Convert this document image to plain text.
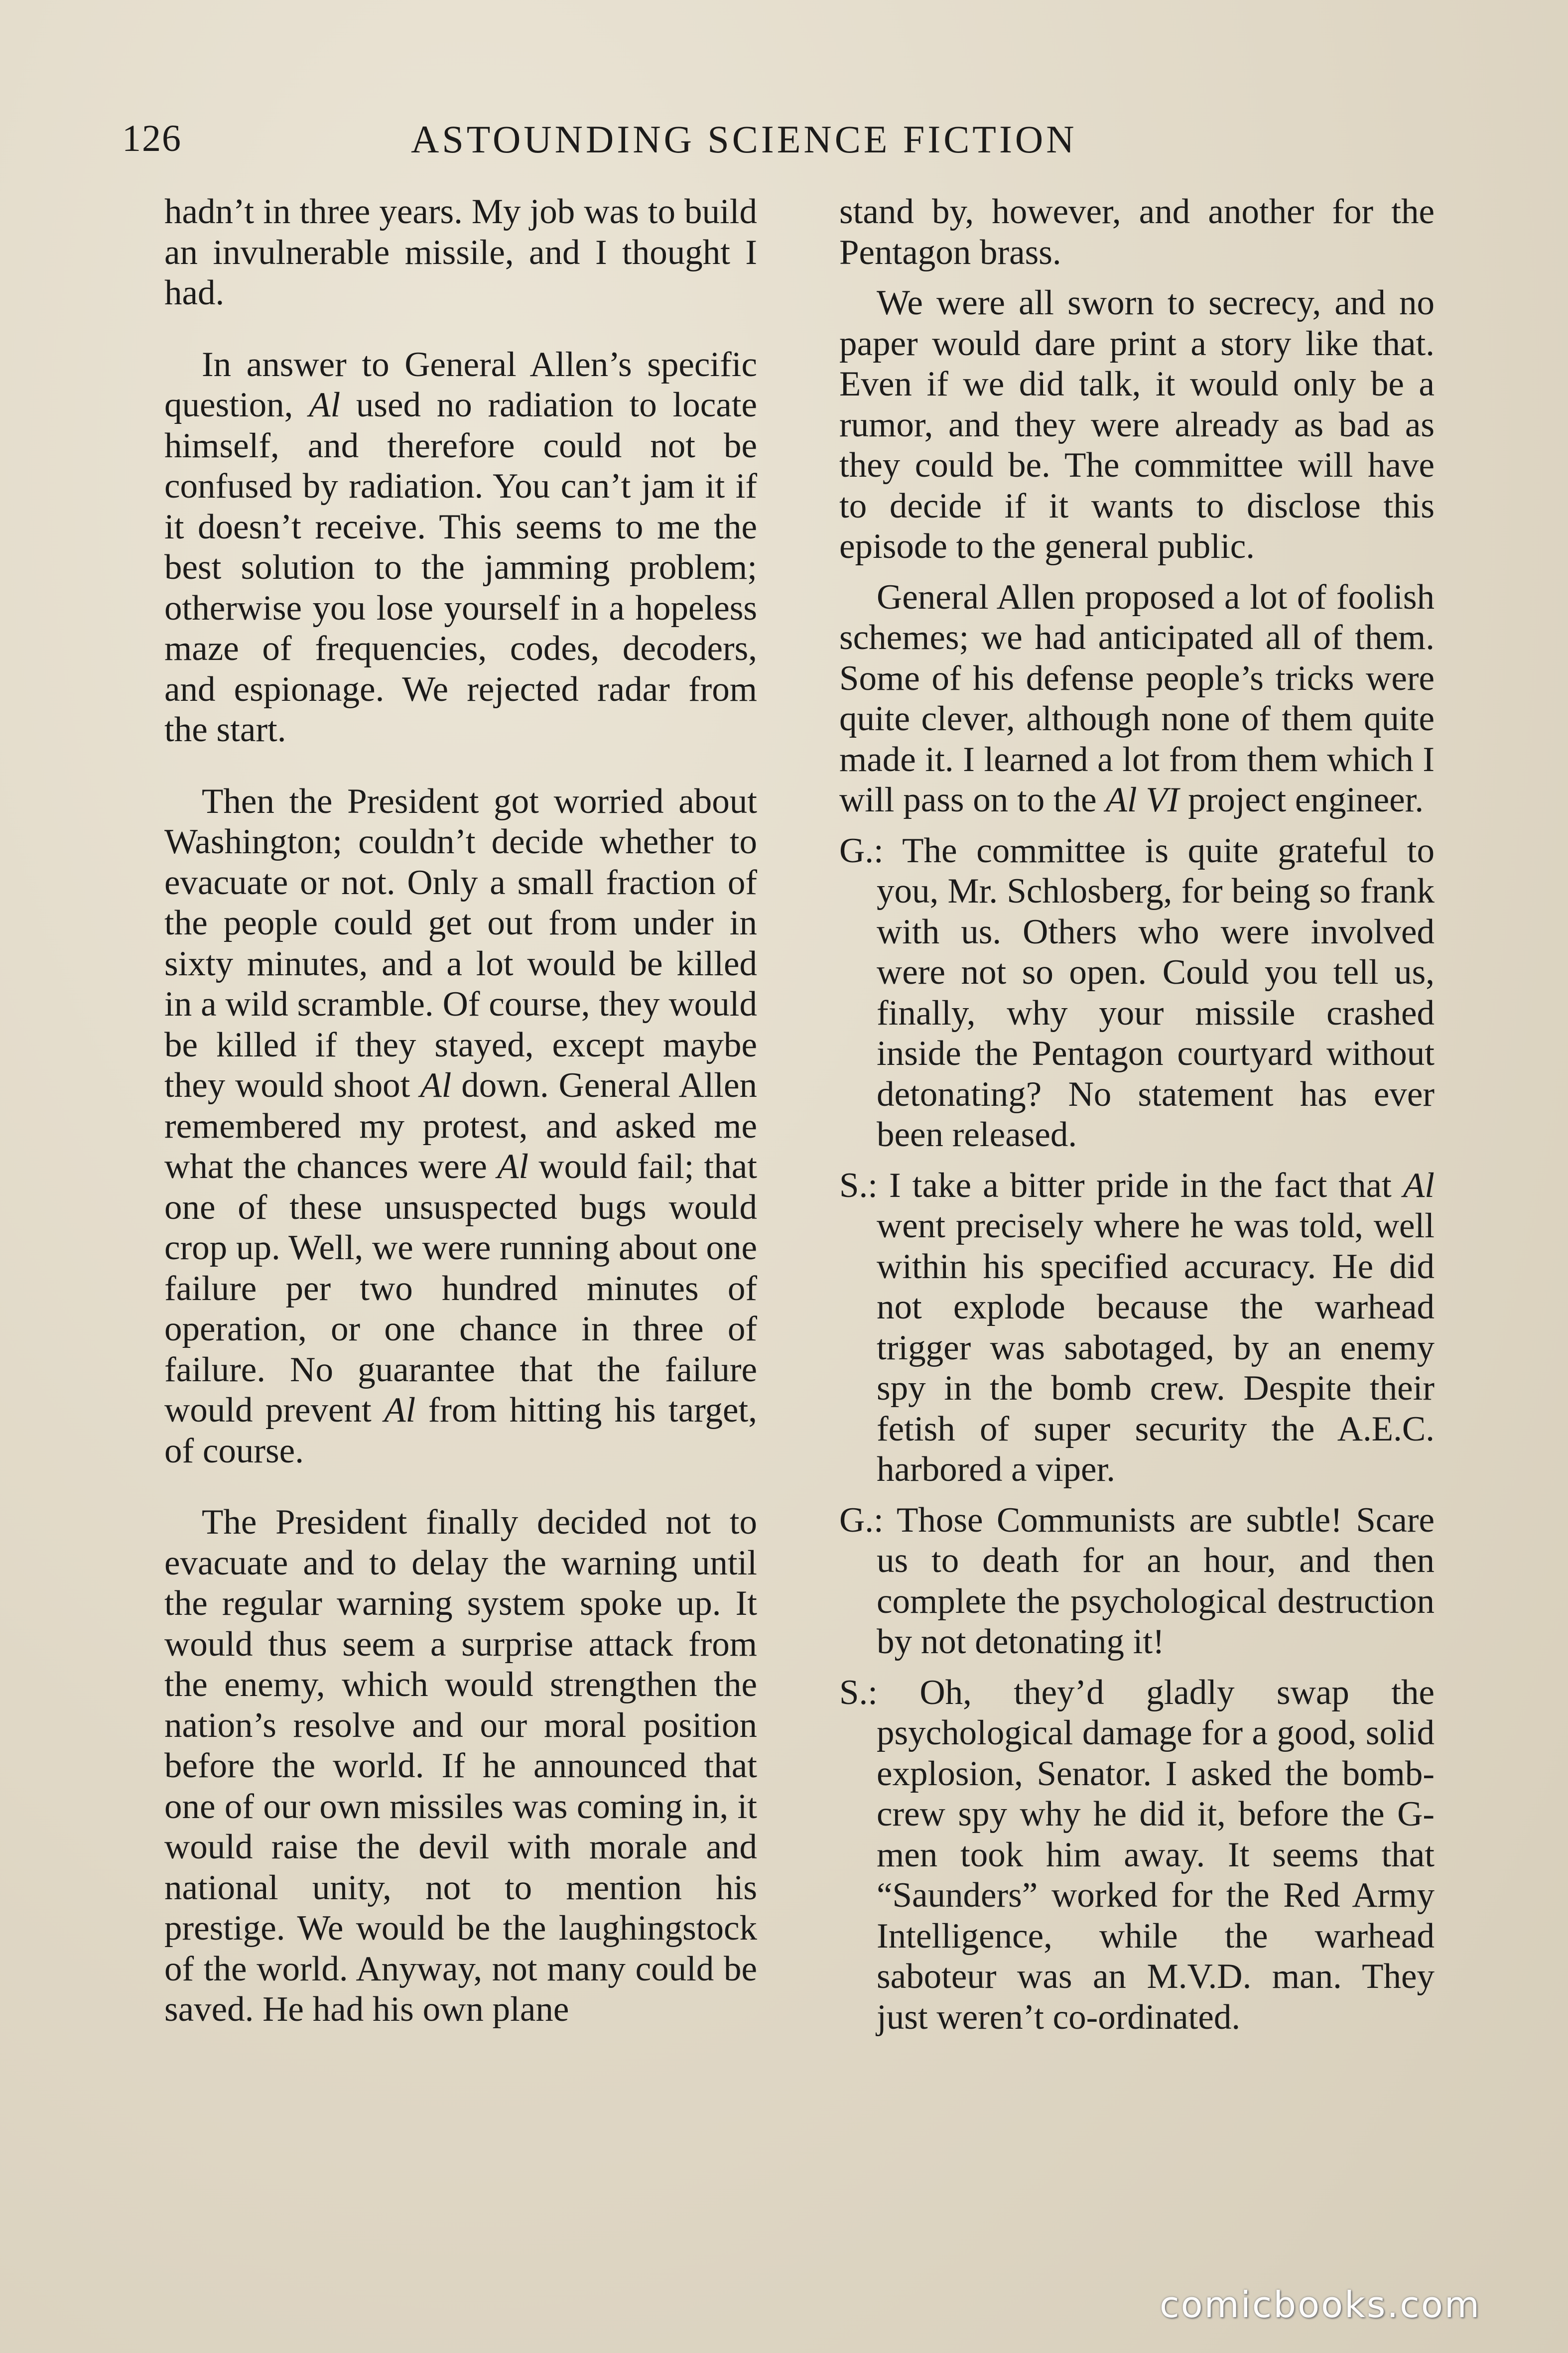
126	ASTOUNDING SCIENCE FICTION

hadn’t in three years. My job was to build an invulnerable missile, and I thought I had.

In answer to General Allen’s specific question, Al used no radiation to locate himself, and therefore could not be confused by radiation. You can’t jam it if it doesn’t receive. This seems to me the best solution to the jamming problem; otherwise you lose yourself in a hopeless maze of frequencies, codes, decoders, and espionage. We rejected radar from the start.

Then the President got worried about Washington; couldn’t decide whether to evacuate or not. Only a small fraction of the people could get out from under in sixty minutes, and a lot would be killed in a wild scramble. Of course, they would be killed if they stayed, except maybe they would shoot Al down. General Allen remembered my protest, and asked me what the chances were Al would fail; that one of these unsuspected bugs would crop up. Well, we were running about one failure per two hundred minutes of operation, or one chance in three of failure. No guarantee that the failure would prevent Al from hitting his target, of course.

The President finally decided not to evacuate and to delay the warning until the regular warning system spoke up. It would thus seem a surprise attack from the enemy, which would strengthen the nation’s resolve and our moral position before the world. If he announced that one of our own missiles was coming in, it would raise the devil with morale and national unity, not to mention his prestige. We would be the laughingstock of the world. Anyway, not many could be saved. He had his own plane

stand by, however, and another for the Pentagon brass.

We were all sworn to secrecy, and no paper would dare print a story like that. Even if we did talk, it would only be a rumor, and they were already as bad as they could be. The committee will have to decide if it wants to disclose this episode to the general public.

General Allen proposed a lot of foolish schemes; we had anticipated all of them. Some of his defense people’s tricks were quite clever, although none of them quite made it. I learned a lot from them which I will pass on to the Al VI project engineer.

G.: The committee is quite grateful to you, Mr. Schlosberg, for being so frank with us. Others who were involved were not so open. Could you tell us, finally, why your missile crashed inside the Pentagon courtyard without detonating? No statement has ever been released.

S.: I take a bitter pride in the fact that Al went precisely where he was told, well within his specified accuracy. He did not explode because the warhead trigger was sabotaged, by an enemy spy in the bomb crew. Despite their fetish of super security the A.E.C. harbored a viper.

G.: Those Communists are subtle! Scare us to death for an hour, and then complete the psychological destruction by not detonating it!

S.: Oh, they’d gladly swap the psychological damage for a good, solid explosion, Senator. I asked the bomb-crew spy why he did it, before the G-men took him away. It seems that “Saunders” worked for the Red Army Intelligence, while the warhead saboteur was an M.V.D. man. They just weren’t co-ordinated.

comicbooks.com
